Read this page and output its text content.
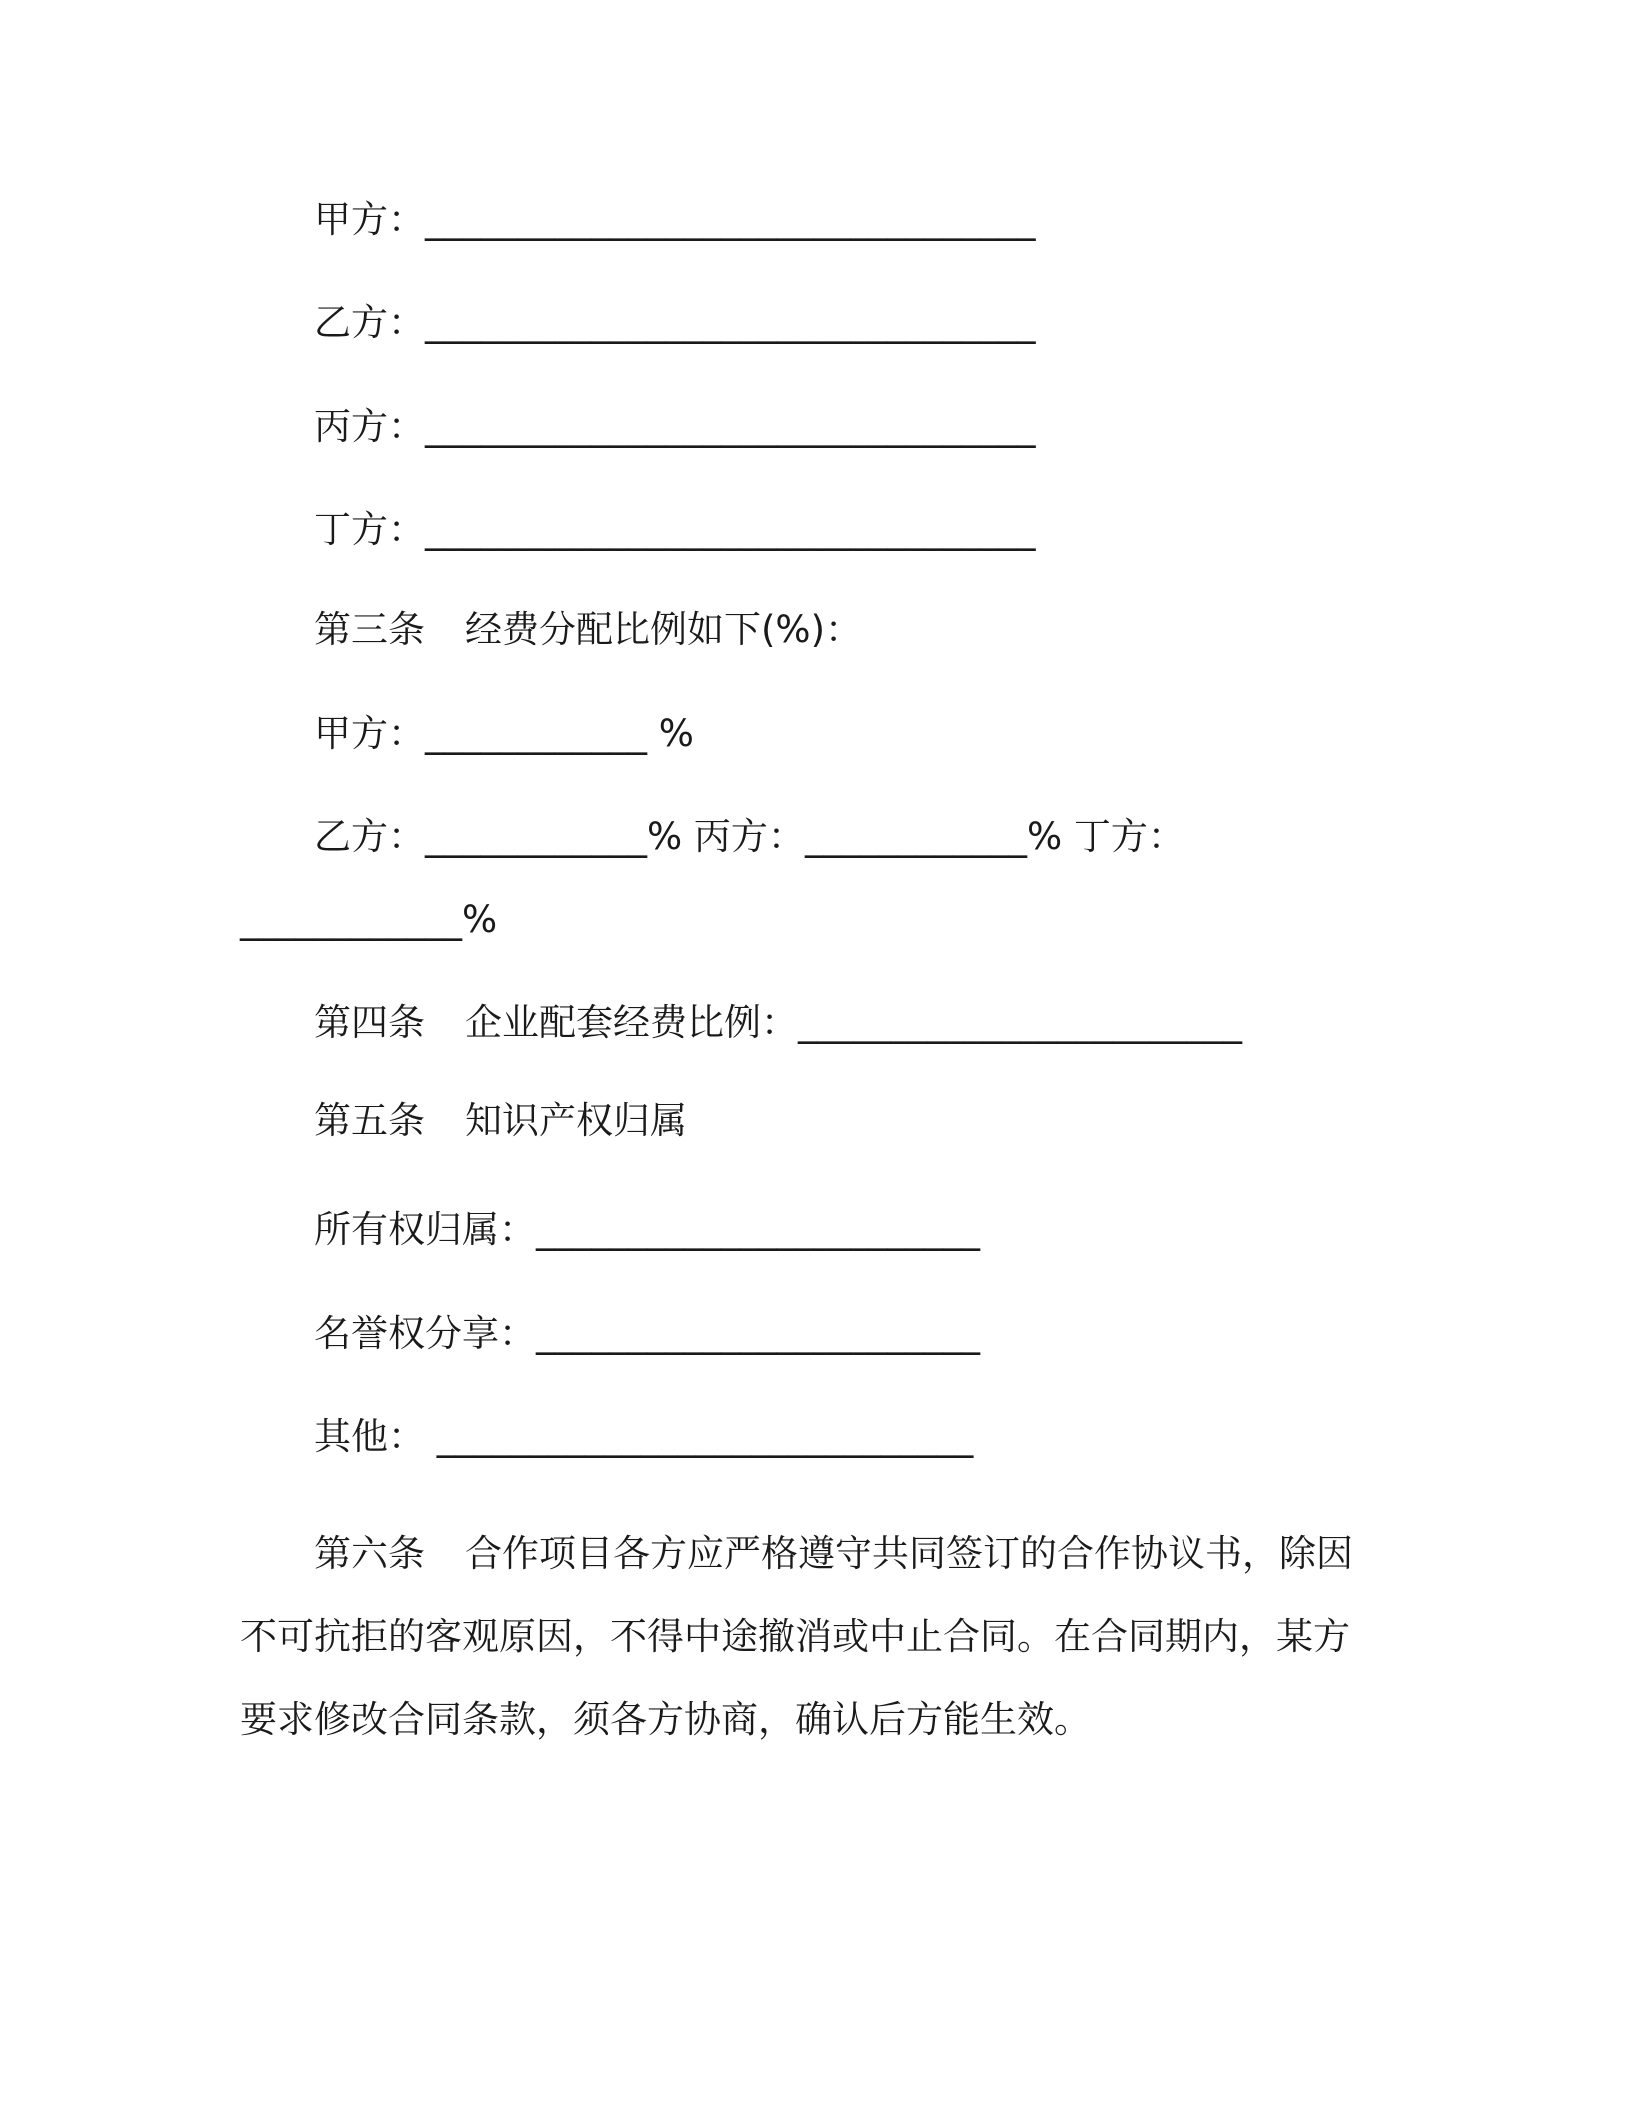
甲方：_________________________________
乙方：_________________________________
丙方：_________________________________
丁方：_________________________________
第三条 经费分配比例如下(%)：
甲方：____________ %
乙方：____________% 丙方：____________% 丁方：
____________%
第四条 企业配套经费比例：________________________
第五条 知识产权归属
所有权归属：________________________
名誉权分享：________________________
其他： _____________________________
第六条 合作项目各方应严格遵守共同签订的合作协议书，除因
不可抗拒的客观原因，不得中途撤消或中止合同。在合同期内，某方
要求修改合同条款，须各方协商，确认后方能生效。
